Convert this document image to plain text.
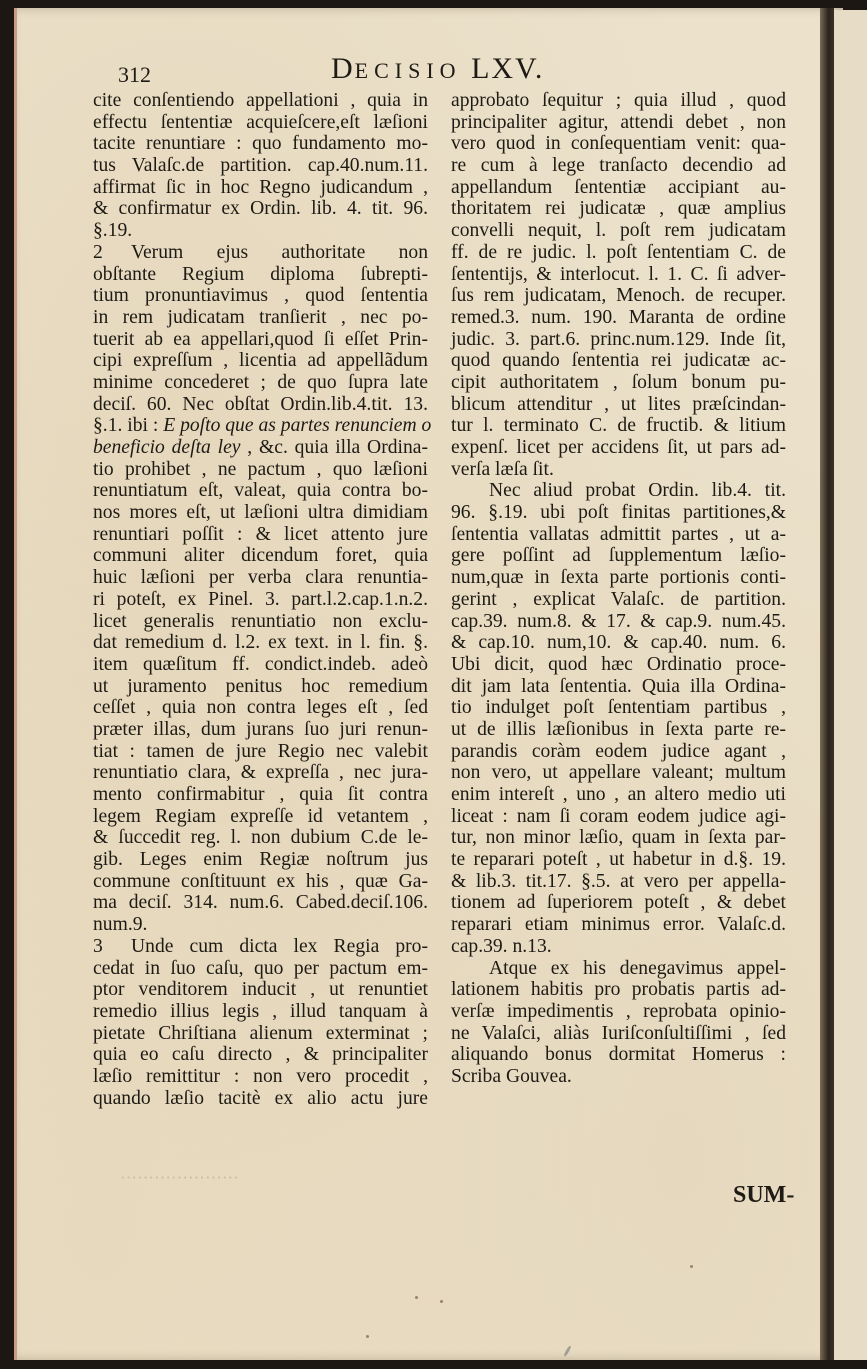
312	DECISIO LXV.
cite conſentiendo appellationi , quia in
effectu ſententiæ acquieſcere,eſt læſioni
tacite renuntiare : quo fundamento mo-
tus Valaſc.de partition. cap.40.num.11.
affirmat ſic in hoc Regno judicandum ,
& confirmatur ex Ordin. lib. 4. tit. 96.
§.19.
2 Verum ejus authoritate non
obſtante Regium diploma ſubrepti-
tium pronuntiavimus , quod ſententia
in rem judicatam tranſierit , nec po-
tuerit ab ea appellari,quod ſi eſſet Prin-
cipi expreſſum , licentia ad appellãdum
minime concederet ; de quo ſupra late
deciſ. 60. Nec obſtat Ordin.lib.4.tit. 13.
§.1. ibi : E poſto que as partes renunciem o
beneficio deſta ley , &c. quia illa Ordina-
tio prohibet , ne pactum , quo læſioni
renuntiatum eſt, valeat, quia contra bo-
nos mores eſt, ut læſioni ultra dimidiam
renuntiari poſſit : & licet attento jure
communi aliter dicendum foret, quia
huic læſioni per verba clara renuntia-
ri poteſt, ex Pinel. 3. part.l.2.cap.1.n.2.
licet generalis renuntiatio non exclu-
dat remedium d. l.2. ex text. in l. fin. §.
item quæſitum ff. condict.indeb. adeò
ut juramento penitus hoc remedium
ceſſet , quia non contra leges eſt , ſed
præter illas, dum jurans ſuo juri renun-
tiat : tamen de jure Regio nec valebit
renuntiatio clara, & expreſſa , nec jura-
mento confirmabitur , quia ſit contra
legem Regiam expreſſe id vetantem ,
& ſuccedit reg. l. non dubium C.de le-
gib. Leges enim Regiæ noſtrum jus
commune conſtituunt ex his , quæ Ga-
ma deciſ. 314. num.6. Cabed.deciſ.106.
num.9.
3 Unde cum dicta lex Regia pro-
cedat in ſuo caſu, quo per pactum em-
ptor venditorem inducit , ut renuntiet
remedio illius legis , illud tanquam à
pietate Chriſtiana alienum exterminat ;
quia eo caſu directo , & principaliter
læſio remittitur : non vero procedit ,
quando læſio tacitè ex alio actu jure
approbato ſequitur ; quia illud , quod
principaliter agitur, attendi debet , non
vero quod in conſequentiam venit: qua-
re cum à lege tranſacto decendio ad
appellandum ſententiæ accipiant au-
thoritatem rei judicatæ , quæ amplius
convelli nequit, l. poſt rem judicatam
ff. de re judic. l. poſt ſententiam C. de
ſententijs, & interlocut. l. 1. C. ſi adver-
ſus rem judicatam, Menoch. de recuper.
remed.3. num. 190. Maranta de ordine
judic. 3. part.6. princ.num.129. Inde ſit,
quod quando ſententia rei judicatæ ac-
cipit authoritatem , ſolum bonum pu-
blicum attenditur , ut lites præſcindan-
tur l. terminato C. de fructib. & litium
expenſ. licet per accidens ſit, ut pars ad-
verſa læſa ſit.
Nec aliud probat Ordin. lib.4. tit.
96. §.19. ubi poſt finitas partitiones,&
ſententia vallatas admittit partes , ut a-
gere poſſint ad ſupplementum læſio-
num,quæ in ſexta parte portionis conti-
gerint , explicat Valaſc. de partition.
cap.39. num.8. & 17. & cap.9. num.45.
& cap.10. num,10. & cap.40. num. 6.
Ubi dicit, quod hæc Ordinatio proce-
dit jam lata ſententia. Quia illa Ordina-
tio indulget poſt ſententiam partibus ,
ut de illis læſionibus in ſexta parte re-
parandis coràm eodem judice agant ,
non vero, ut appellare valeant; multum
enim intereſt , uno , an altero medio uti
liceat : nam ſi coram eodem judice agi-
tur, non minor læſio, quam in ſexta par-
te reparari poteſt , ut habetur in d.§. 19.
& lib.3. tit.17. §.5. at vero per appella-
tionem ad ſuperiorem poteſt , & debet
reparari etiam minimus error. Valaſc.d.
cap.39. n.13.
Atque ex his denegavimus appel-
lationem habitis pro probatis partis ad-
verſæ impedimentis , reprobata opinio-
ne Valaſci, aliàs Iuriſconſultiſſimi , ſed
aliquando bonus dormitat Homerus :
Scriba Gouvea.
SUM-
·····················
